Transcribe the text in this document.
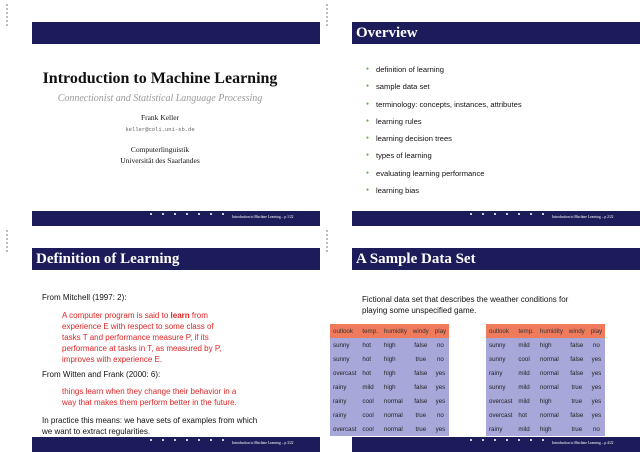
Introduction to Machine Learning
Connectionist and Statistical Language Processing
Frank Keller
keller@coli.uni-sb.de
Computerlinguistik
Universität des Saarlandes
Introduction to Machine Learning – p.1/22
Overview
● definition of learning
● sample data set
● terminology: concepts, instances, attributes
● learning rules
● learning decision trees
● types of learning
● evaluating learning performance
● learning bias
Introduction to Machine Learning – p.2/22
Definition of Learning
From Mitchell (1997: 2):
A computer program is said to learn from
experience E with respect to some class of
tasks T and performance measure P, if its
performance at tasks in T, as measured by P,
improves with experience E.
From Witten and Frank (2000: 6):
things learn when they change their behavior in a
way that makes them perform better in the future.
In practice this means: we have sets of examples from which
we want to extract regularities.
Introduction to Machine Learning – p.3/22
A Sample Data Set
Fictional data set that describes the weather conditions for
playing some unspecified game.
outlook	temp.	humidity	windy	play
sunny	hot	high	false	no
sunny	hot	high	true	no
overcast	hot	high	false	yes
rainy	mild	high	false	yes
rainy	cool	normal	false	yes
rainy	cool	normal	true	no
overcast	cool	normal	true	yes
outlook	temp.	humidity	windy	play
sunny	mild	high	false	no
sunny	cool	normal	false	yes
rainy	mild	normal	false	yes
sunny	mild	normal	true	yes
overcast	mild	high	true	yes
overcast	hot	normal	false	yes
rainy	mild	high	true	no
Introduction to Machine Learning – p.4/22
